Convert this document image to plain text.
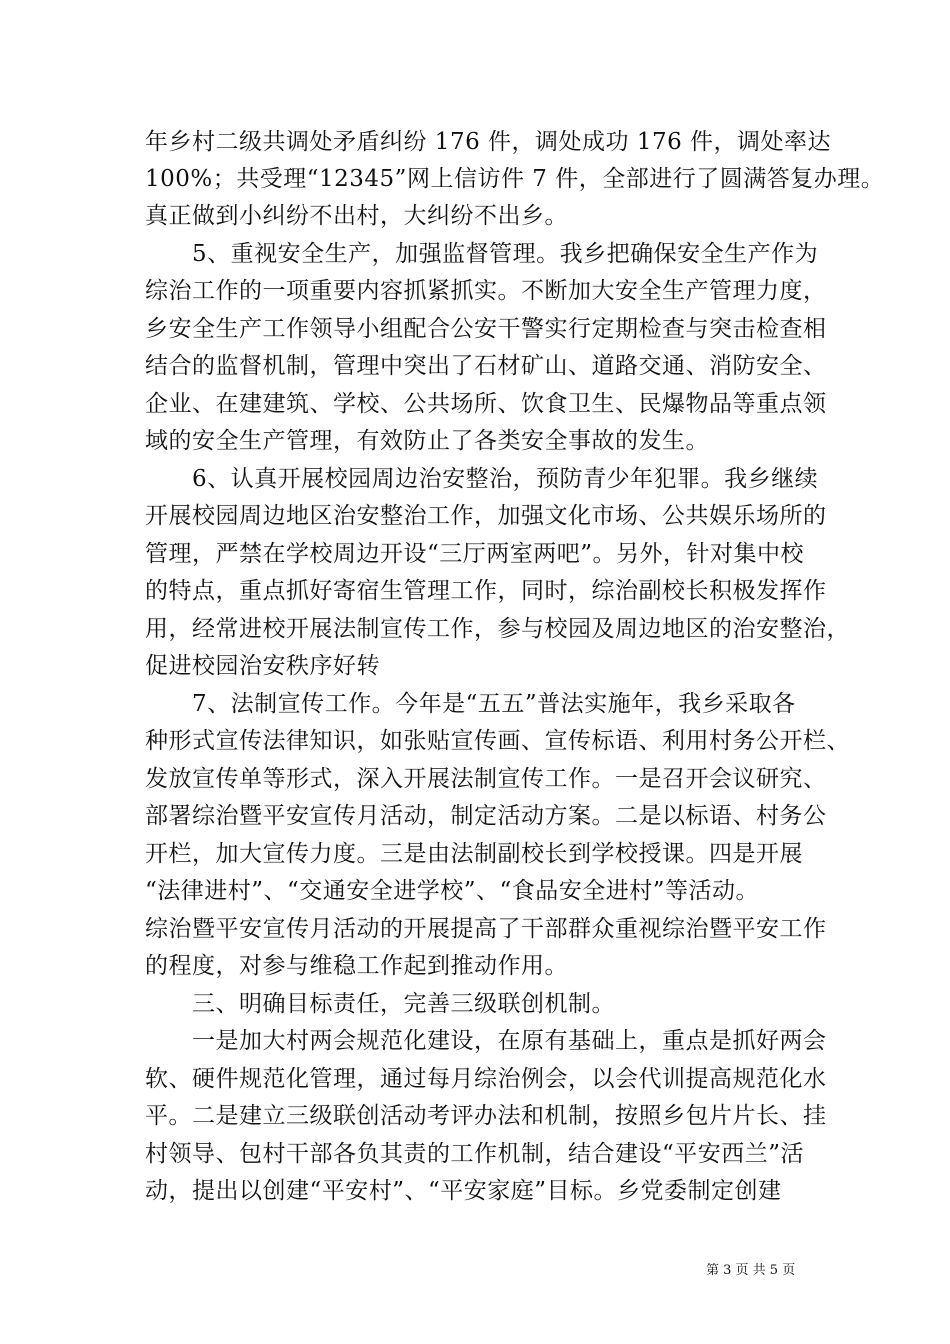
年乡村二级共调处矛盾纠纷 176 件，调处成功 176 件，调处率达
100%；共受理“12345”网上信访件 7 件，全部进行了圆满答复办理。
真正做到小纠纷不出村，大纠纷不出乡。
　　5、重视安全生产，加强监督管理。我乡把确保安全生产作为
综治工作的一项重要内容抓紧抓实。不断加大安全生产管理力度，
乡安全生产工作领导小组配合公安干警实行定期检查与突击检查相
结合的监督机制，管理中突出了石材矿山、道路交通、消防安全、
企业、在建建筑、学校、公共场所、饮食卫生、民爆物品等重点领
域的安全生产管理，有效防止了各类安全事故的发生。
　　6、认真开展校园周边治安整治，预防青少年犯罪。我乡继续
开展校园周边地区治安整治工作，加强文化市场、公共娱乐场所的
管理，严禁在学校周边开设“三厅两室两吧”。另外，针对集中校
的特点，重点抓好寄宿生管理工作，同时，综治副校长积极发挥作
用，经常进校开展法制宣传工作，参与校园及周边地区的治安整治，
促进校园治安秩序好转
　　7、法制宣传工作。今年是“五五”普法实施年，我乡采取各
种形式宣传法律知识，如张贴宣传画、宣传标语、利用村务公开栏、
发放宣传单等形式，深入开展法制宣传工作。一是召开会议研究、
部署综治暨平安宣传月活动，制定活动方案。二是以标语、村务公
开栏，加大宣传力度。三是由法制副校长到学校授课。四是开展
“法律进村”、“交通安全进学校”、“食品安全进村”等活动。
综治暨平安宣传月活动的开展提高了干部群众重视综治暨平安工作
的程度，对参与维稳工作起到推动作用。
　　三、明确目标责任，完善三级联创机制。
　　一是加大村两会规范化建设，在原有基础上，重点是抓好两会
软、硬件规范化管理，通过每月综治例会，以会代训提高规范化水
平。二是建立三级联创活动考评办法和机制，按照乡包片片长、挂
村领导、包村干部各负其责的工作机制，结合建设“平安西兰”活
动，提出以创建“平安村”、“平安家庭”目标。乡党委制定创建
第 3 页 共 5 页
